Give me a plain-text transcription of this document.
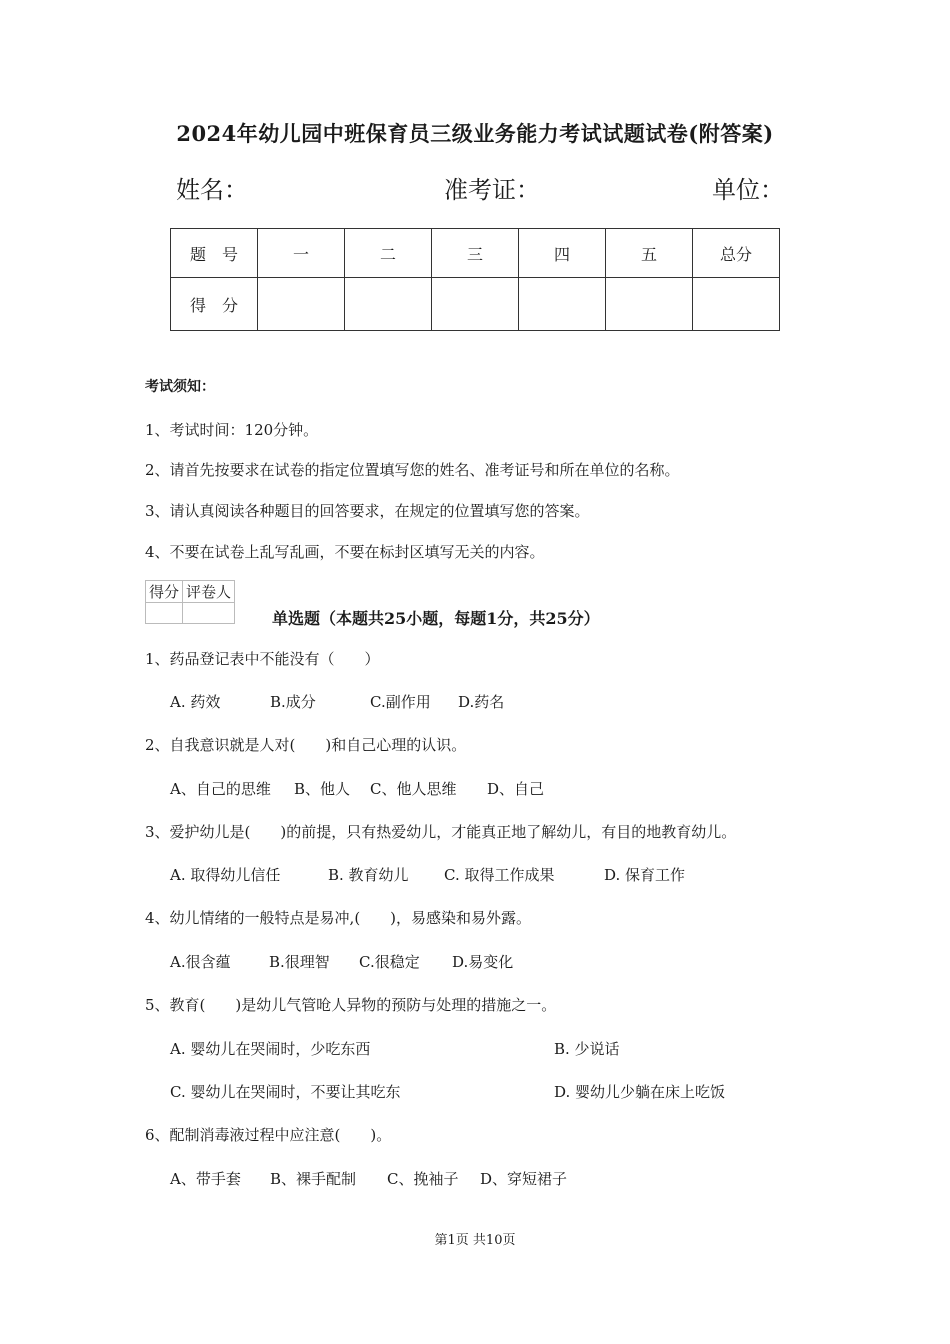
2024年幼儿园中班保育员三级业务能力考试试题试卷(附答案)
姓名：	准考证：	单位：
题　号	一	二	三	四	五	总分
得　分						
考试须知：
1、考试时间：120分钟。
2、请首先按要求在试卷的指定位置填写您的姓名、准考证号和所在单位的名称。
3、请认真阅读各种题目的回答要求，在规定的位置填写您的答案。
4、不要在试卷上乱写乱画，不要在标封区填写无关的内容。
得分	评卷人

单选题（本题共25小题，每题1分，共25分）
1、药品登记表中不能没有（　　）
A. 药效	B.成分	C.副作用 D.药名
2、自我意识就是人对(　　)和自己心理的认识。
A、自己的思维 B、他人 C、他人思维 D、自己
3、爱护幼儿是(　　)的前提，只有热爱幼儿，才能真正地了解幼儿，有目的地教育幼儿。
A. 取得幼儿信任	B. 教育幼儿 C. 取得工作成果	D. 保育工作
4、幼儿情绪的一般特点是易冲,(　　)，易感染和易外露。
A.很含蕴	B.很理智 C.很稳定 D.易变化
5、教育(　　)是幼儿气管呛人异物的预防与处理的措施之一。
A. 婴幼儿在哭闹时，少吃东西	B. 少说话
C. 婴幼儿在哭闹时，不要让其吃东	D. 婴幼儿少躺在床上吃饭
6、配制消毒液过程中应注意(　　)。
A、带手套 B、裸手配制 C、挽袖子 D、穿短裙子
第1页 共10页
